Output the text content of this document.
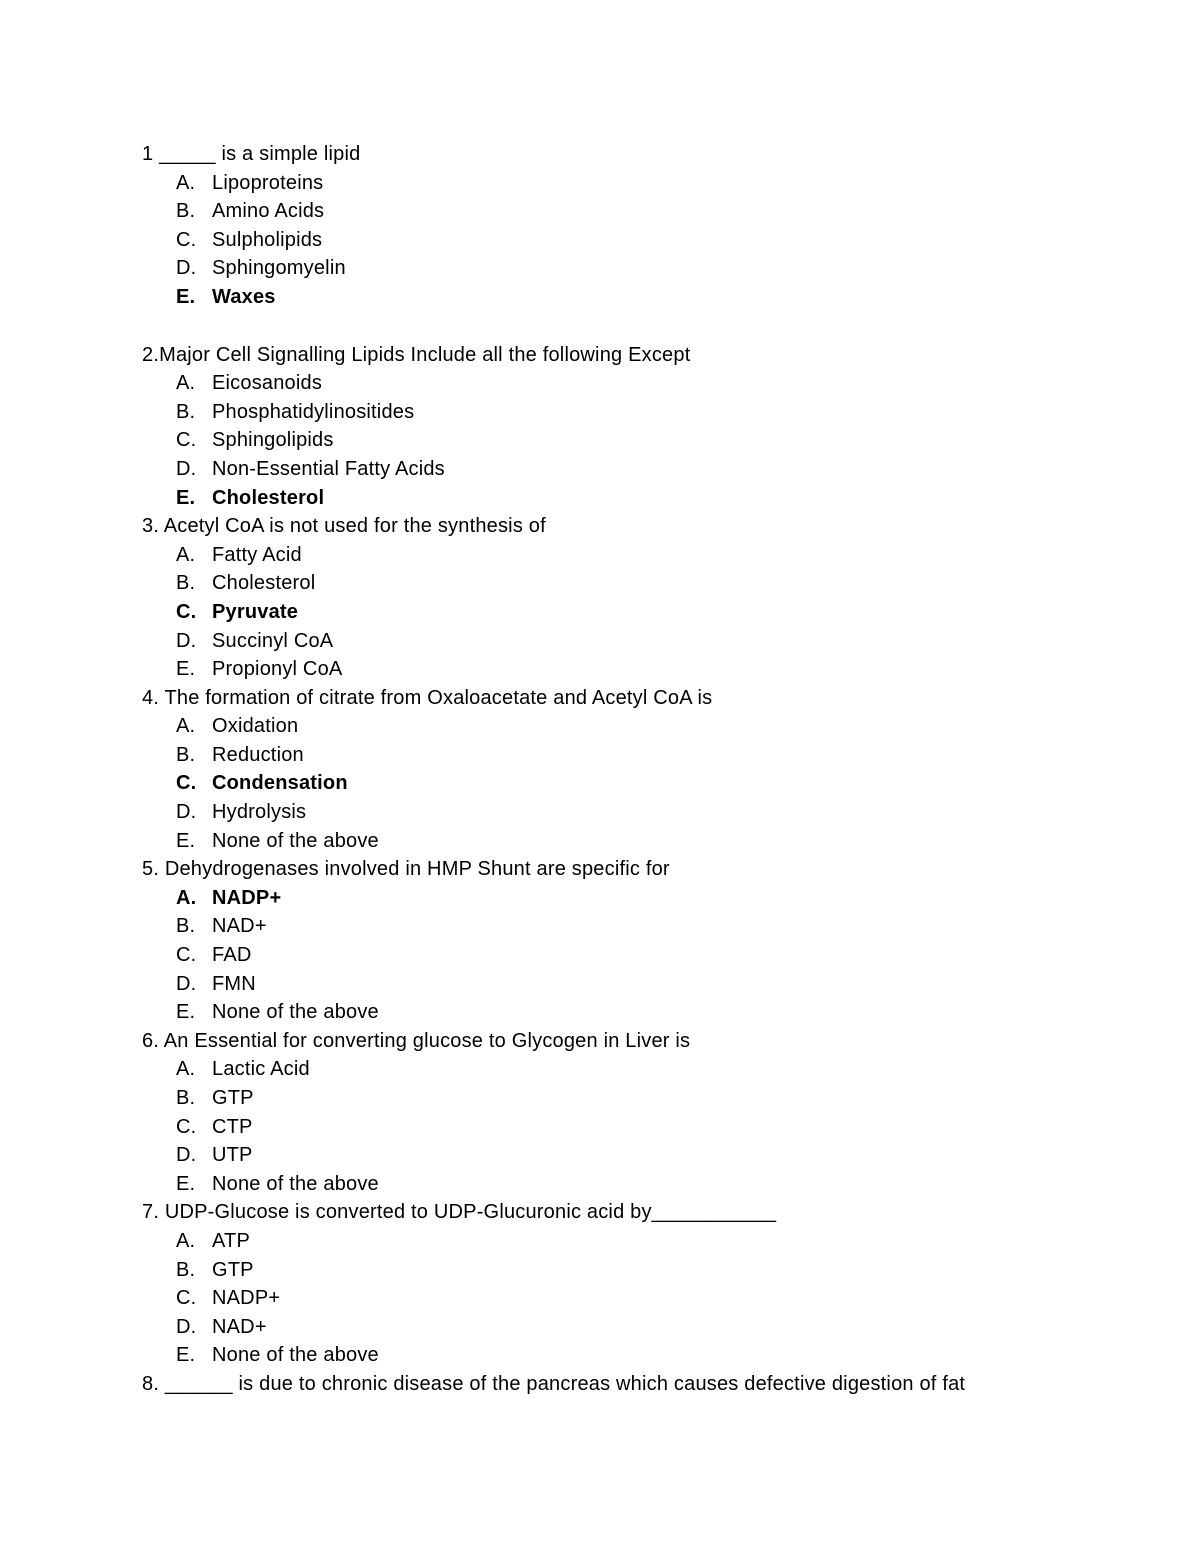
1 _____ is a simple lipid
A. Lipoproteins
B. Amino Acids
C. Sulpholipids
D. Sphingomyelin
E. Waxes
2.Major Cell Signalling Lipids Include all the following Except
A. Eicosanoids
B. Phosphatidylinositides
C. Sphingolipids
D. Non-Essential Fatty Acids
E. Cholesterol
3. Acetyl CoA is not used for the synthesis of
A. Fatty Acid
B. Cholesterol
C. Pyruvate
D. Succinyl CoA
E. Propionyl CoA
4. The formation of citrate from Oxaloacetate and Acetyl CoA is
A. Oxidation
B. Reduction
C. Condensation
D. Hydrolysis
E. None of the above
5. Dehydrogenases involved in HMP Shunt are specific for
A. NADP+
B. NAD+
C. FAD
D. FMN
E. None of the above
6. An Essential for converting glucose to Glycogen in Liver is
A. Lactic Acid
B. GTP
C. CTP
D. UTP
E. None of the above
7. UDP-Glucose is converted to UDP-Glucuronic acid by___________
A. ATP
B. GTP
C. NADP+
D. NAD+
E. None of the above
8. ______ is due to chronic disease of the pancreas which causes defective digestion of fat
